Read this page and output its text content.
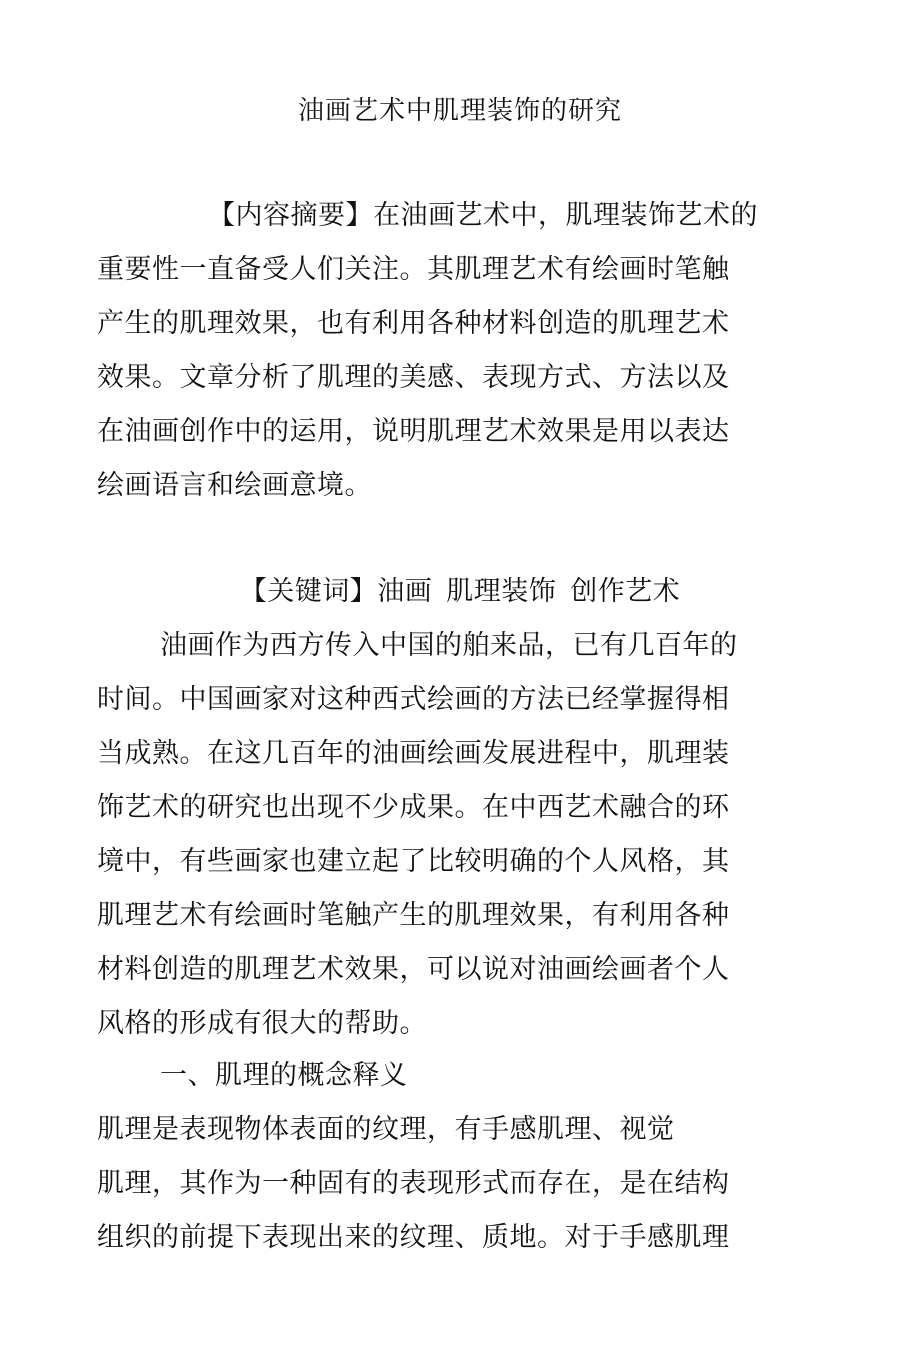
油画艺术中肌理装饰的研究
【内容摘要】在油画艺术中，肌理装饰艺术的
重要性一直备受人们关注。其肌理艺术有绘画时笔触
产生的肌理效果，也有利用各种材料创造的肌理艺术
效果。文章分析了肌理的美感、表现方式、方法以及
在油画创作中的运用，说明肌理艺术效果是用以表达
绘画语言和绘画意境。
【关键词】油画 肌理装饰 创作艺术
油画作为西方传入中国的舶来品，已有几百年的
时间。中国画家对这种西式绘画的方法已经掌握得相
当成熟。在这几百年的油画绘画发展进程中，肌理装
饰艺术的研究也出现不少成果。在中西艺术融合的环
境中，有些画家也建立起了比较明确的个人风格，其
肌理艺术有绘画时笔触产生的肌理效果，有利用各种
材料创造的肌理艺术效果，可以说对油画绘画者个人
风格的形成有很大的帮助。
一、肌理的概念释义
肌理是表现物体表面的纹理，有手感肌理、视觉
肌理，其作为一种固有的表现形式而存在，是在结构
组织的前提下表现出来的纹理、质地。对于手感肌理
